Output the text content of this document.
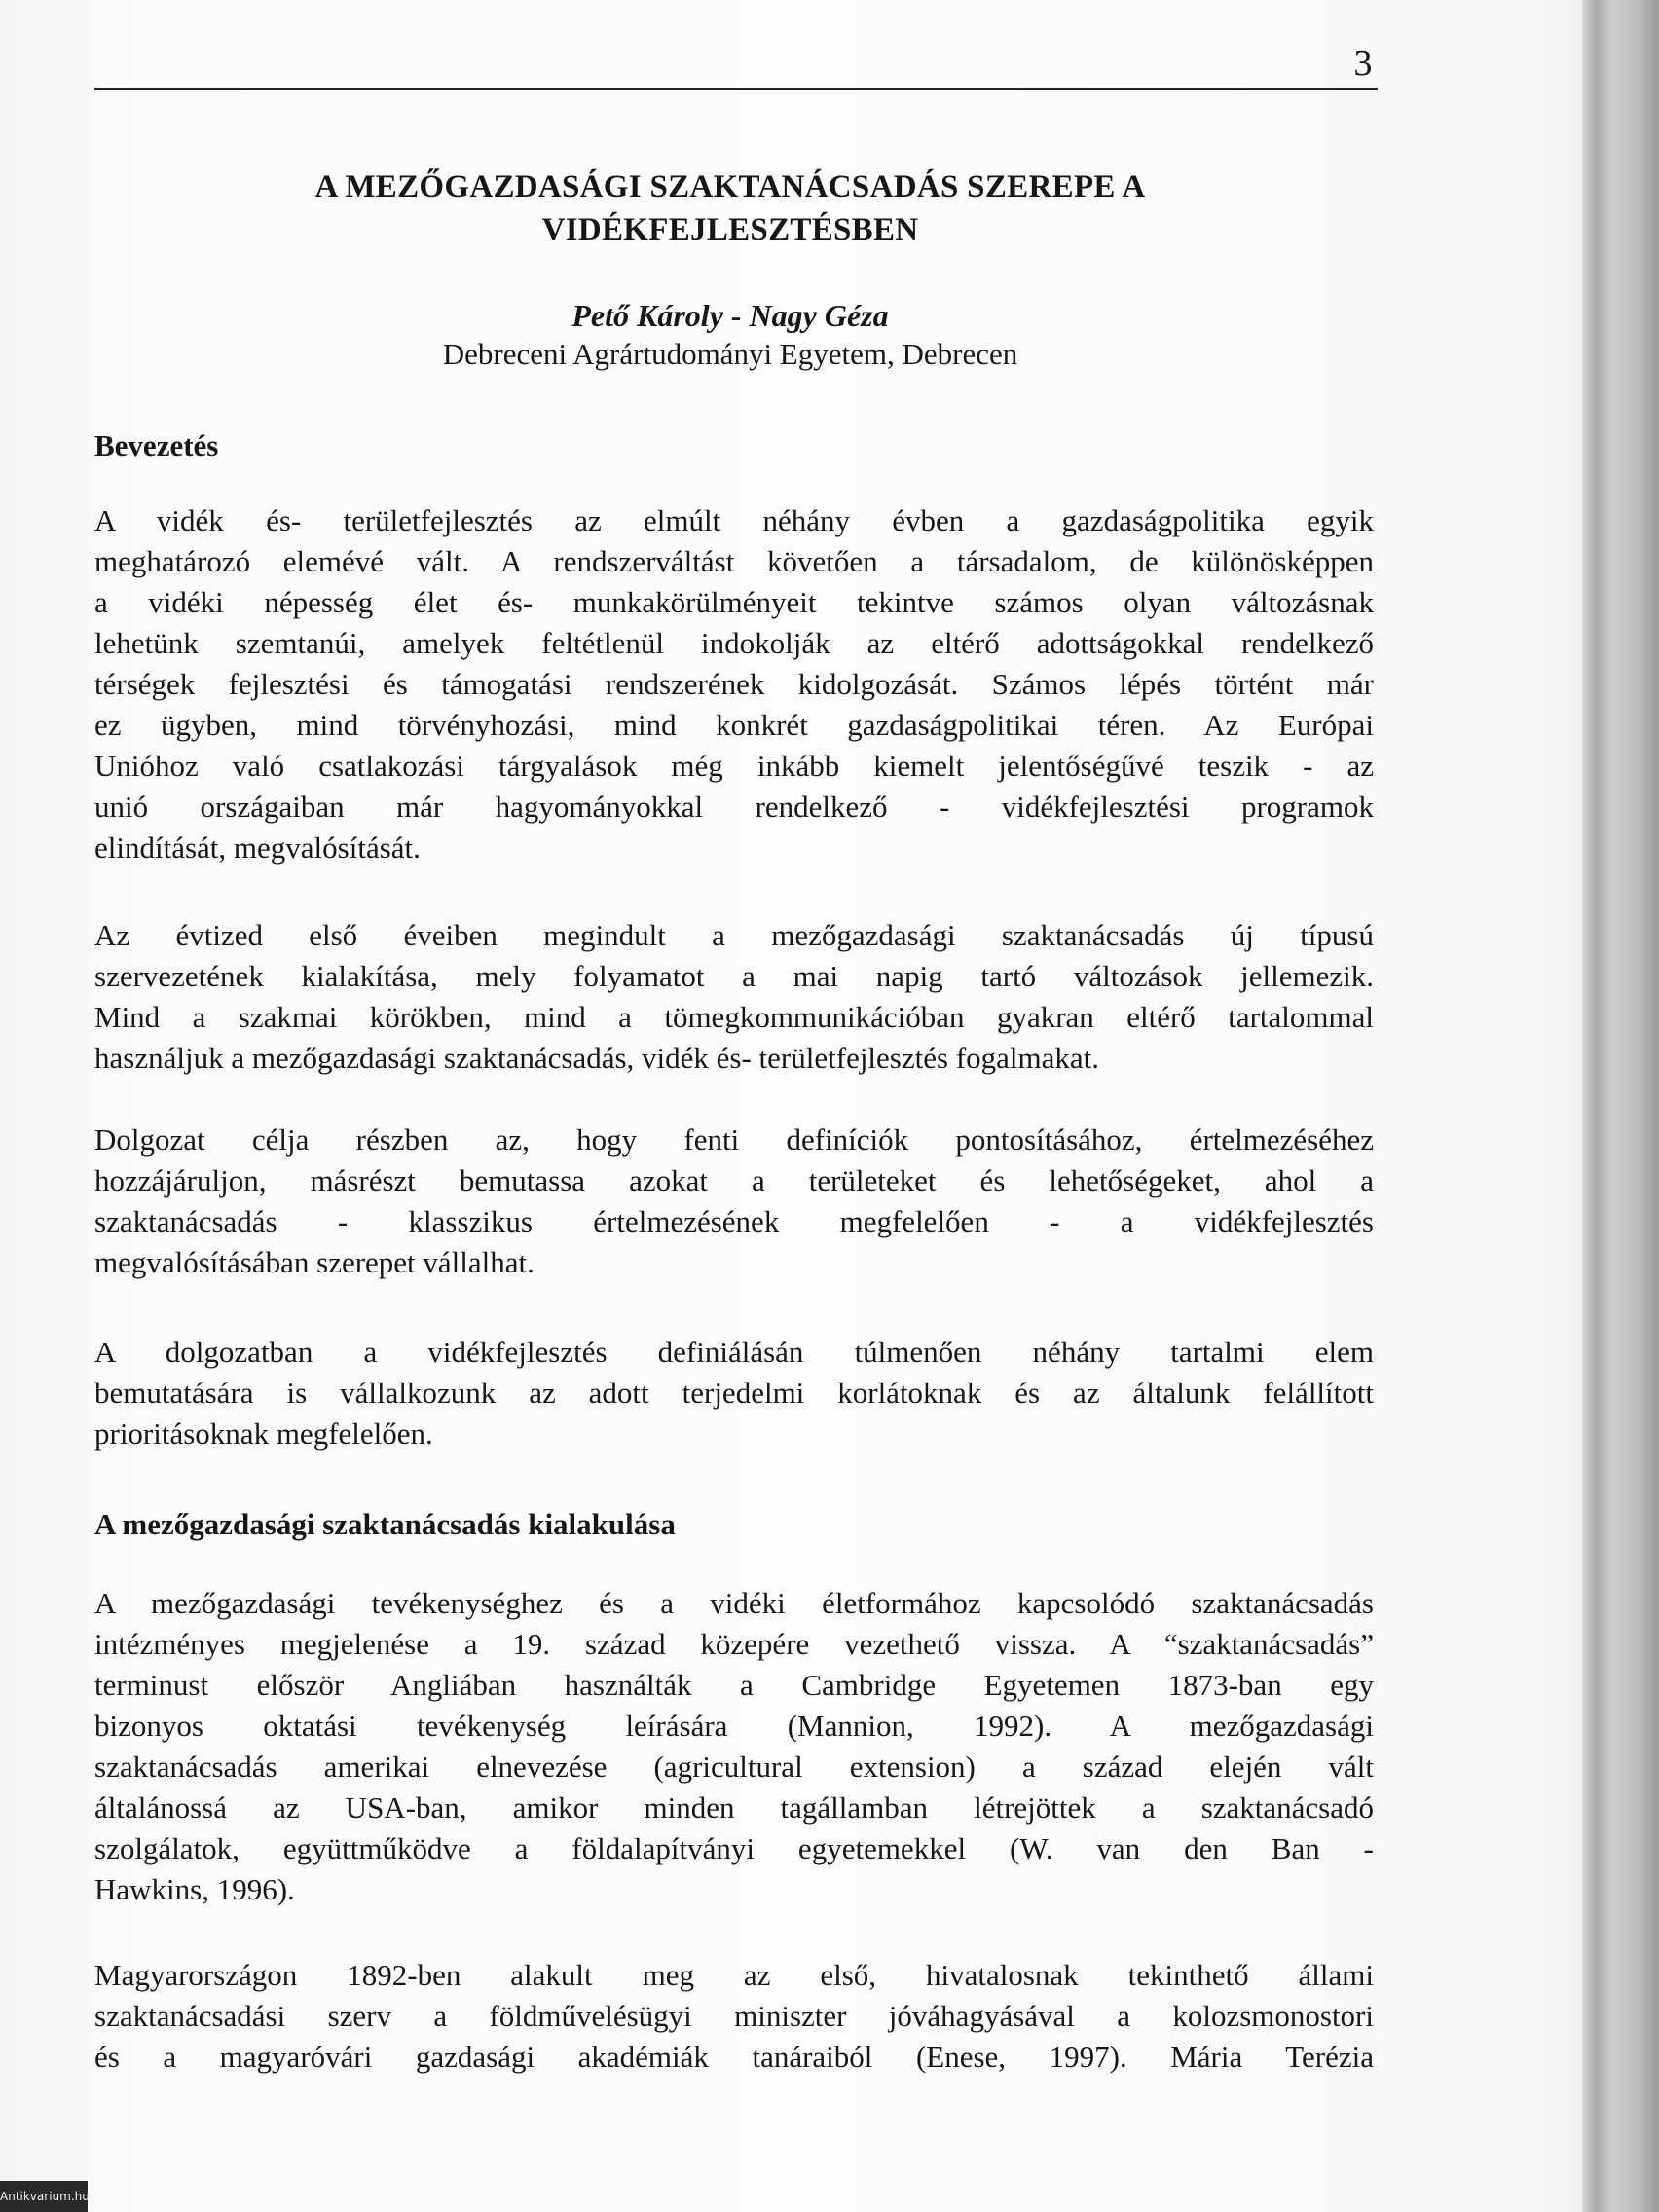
3
A MEZŐGAZDASÁGI SZAKTANÁCSADÁS SZEREPE A
VIDÉKFEJLESZTÉSBEN
Pető Károly - Nagy Géza
Debreceni Agrártudományi Egyetem, Debrecen
Bevezetés
A vidék és- területfejlesztés az elmúlt néhány évben a gazdaságpolitika egyik
meghatározó elemévé vált. A rendszerváltást követően a társadalom, de különösképpen
a vidéki népesség élet és- munkakörülményeit tekintve számos olyan változásnak
lehetünk szemtanúi, amelyek feltétlenül indokolják az eltérő adottságokkal rendelkező
térségek fejlesztési és támogatási rendszerének kidolgozását. Számos lépés történt már
ez ügyben, mind törvényhozási, mind konkrét gazdaságpolitikai téren. Az Európai
Unióhoz való csatlakozási tárgyalások még inkább kiemelt jelentőségűvé teszik - az
unió országaiban már hagyományokkal rendelkező - vidékfejlesztési programok
elindítását, megvalósítását.
Az évtized első éveiben megindult a mezőgazdasági szaktanácsadás új típusú
szervezetének kialakítása, mely folyamatot a mai napig tartó változások jellemezik.
Mind a szakmai körökben, mind a tömegkommunikációban gyakran eltérő tartalommal
használjuk a mezőgazdasági szaktanácsadás, vidék és- területfejlesztés fogalmakat.
Dolgozat célja részben az, hogy fenti definíciók pontosításához, értelmezéséhez
hozzájáruljon, másrészt bemutassa azokat a területeket és lehetőségeket, ahol a
szaktanácsadás - klasszikus értelmezésének megfelelően - a vidékfejlesztés
megvalósításában szerepet vállalhat.
A dolgozatban a vidékfejlesztés definiálásán túlmenően néhány tartalmi elem
bemutatására is vállalkozunk az adott terjedelmi korlátoknak és az általunk felállított
prioritásoknak megfelelően.
A mezőgazdasági szaktanácsadás kialakulása
A mezőgazdasági tevékenységhez és a vidéki életformához kapcsolódó szaktanácsadás
intézményes megjelenése a 19. század közepére vezethető vissza. A “szaktanácsadás”
terminust először Angliában használták a Cambridge Egyetemen 1873-ban egy
bizonyos oktatási tevékenység leírására (Mannion, 1992). A mezőgazdasági
szaktanácsadás amerikai elnevezése (agricultural extension) a század elején vált
általánossá az USA-ban, amikor minden tagállamban létrejöttek a szaktanácsadó
szolgálatok, együttműködve a földalapítványi egyetemekkel (W. van den Ban -
Hawkins, 1996).
Magyarországon 1892-ben alakult meg az első, hivatalosnak tekinthető állami
szaktanácsadási szerv a földművelésügyi miniszter jóváhagyásával a kolozsmonostori
és a magyaróvári gazdasági akadémiák tanáraiból (Enese, 1997). Mária Terézia
Antikvarium.hu
